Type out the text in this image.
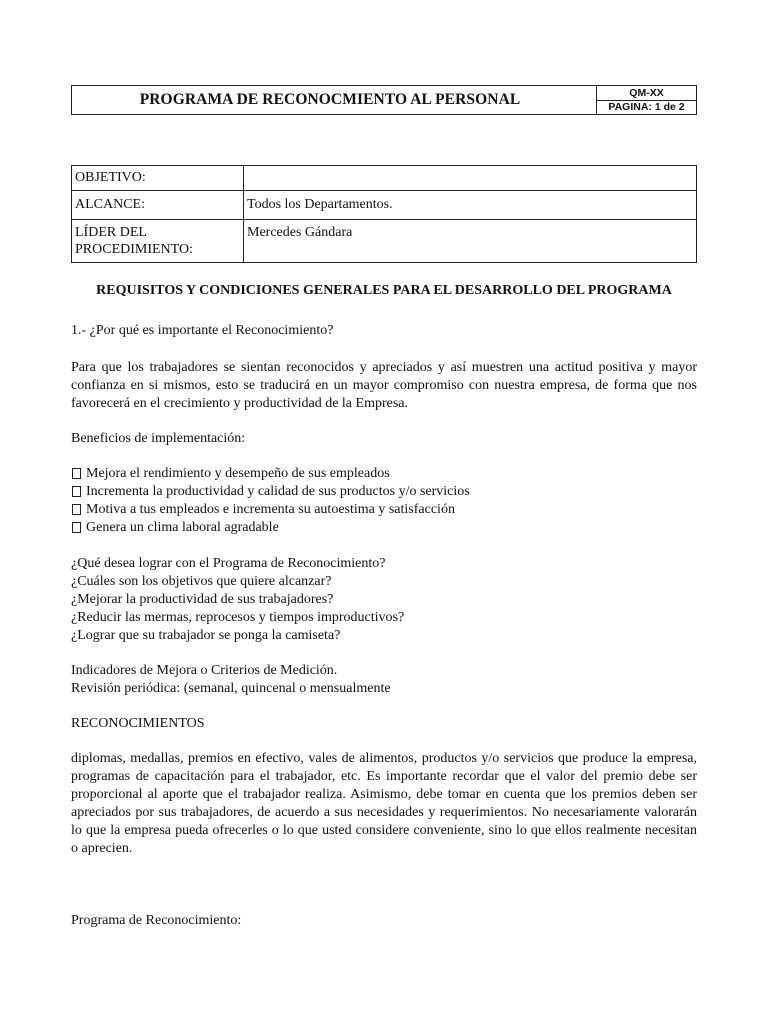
PROGRAMA DE RECONOCMIENTO AL PERSONAL	QM-XX
PAGINA: 1 de 2
OBJETIVO:	
ALCANCE:	Todos los Departamentos.

LÍDER DEL
PROCEDIMIENTO:	Mercedes Gándara
REQUISITOS Y CONDICIONES GENERALES PARA EL DESARROLLO DEL PROGRAMA

1.- ¿Por qué es importante el Reconocimiento?

Para que los trabajadores se sientan reconocidos y apreciados y así muestren una actitud positiva y mayor confianza en si mismos, esto se traducirá en un mayor compromiso con nuestra empresa, de forma que nos favorecerá en el crecimiento y productividad de la Empresa.

Beneficios de implementación:

Mejora el rendimiento y desempeño de sus empleados
Incrementa la productividad y calidad de sus productos y/o servicios
Motiva a tus empleados e incrementa su autoestima y satisfacción
Genera un clima laboral agradable
¿Qué desea lograr con el Programa de Reconocimiento?
¿Cuáles son los objetivos que quiere alcanzar?
¿Mejorar la productividad de sus trabajadores?
¿Reducir las mermas, reprocesos y tiempos improductivos?
¿Lograr que su trabajador se ponga la camiseta?
Indicadores de Mejora o Criterios de Medición.
Revisión periódica: (semanal, quincenal o mensualmente

RECONOCIMIENTOS

diplomas, medallas, premios en efectivo, vales de alimentos, productos y/o servicios que produce la empresa, programas de capacitación para el trabajador, etc. Es importante recordar que el valor del premio debe ser proporcional al aporte que el trabajador realiza. Asimismo, debe tomar en cuenta que los premios deben ser apreciados por sus trabajadores, de acuerdo a sus necesidades y requerimientos. No necesariamente valorarán lo que la empresa pueda ofrecerles o lo que usted considere conveniente, sino lo que ellos realmente necesitan o aprecien.

Programa de Reconocimiento:
